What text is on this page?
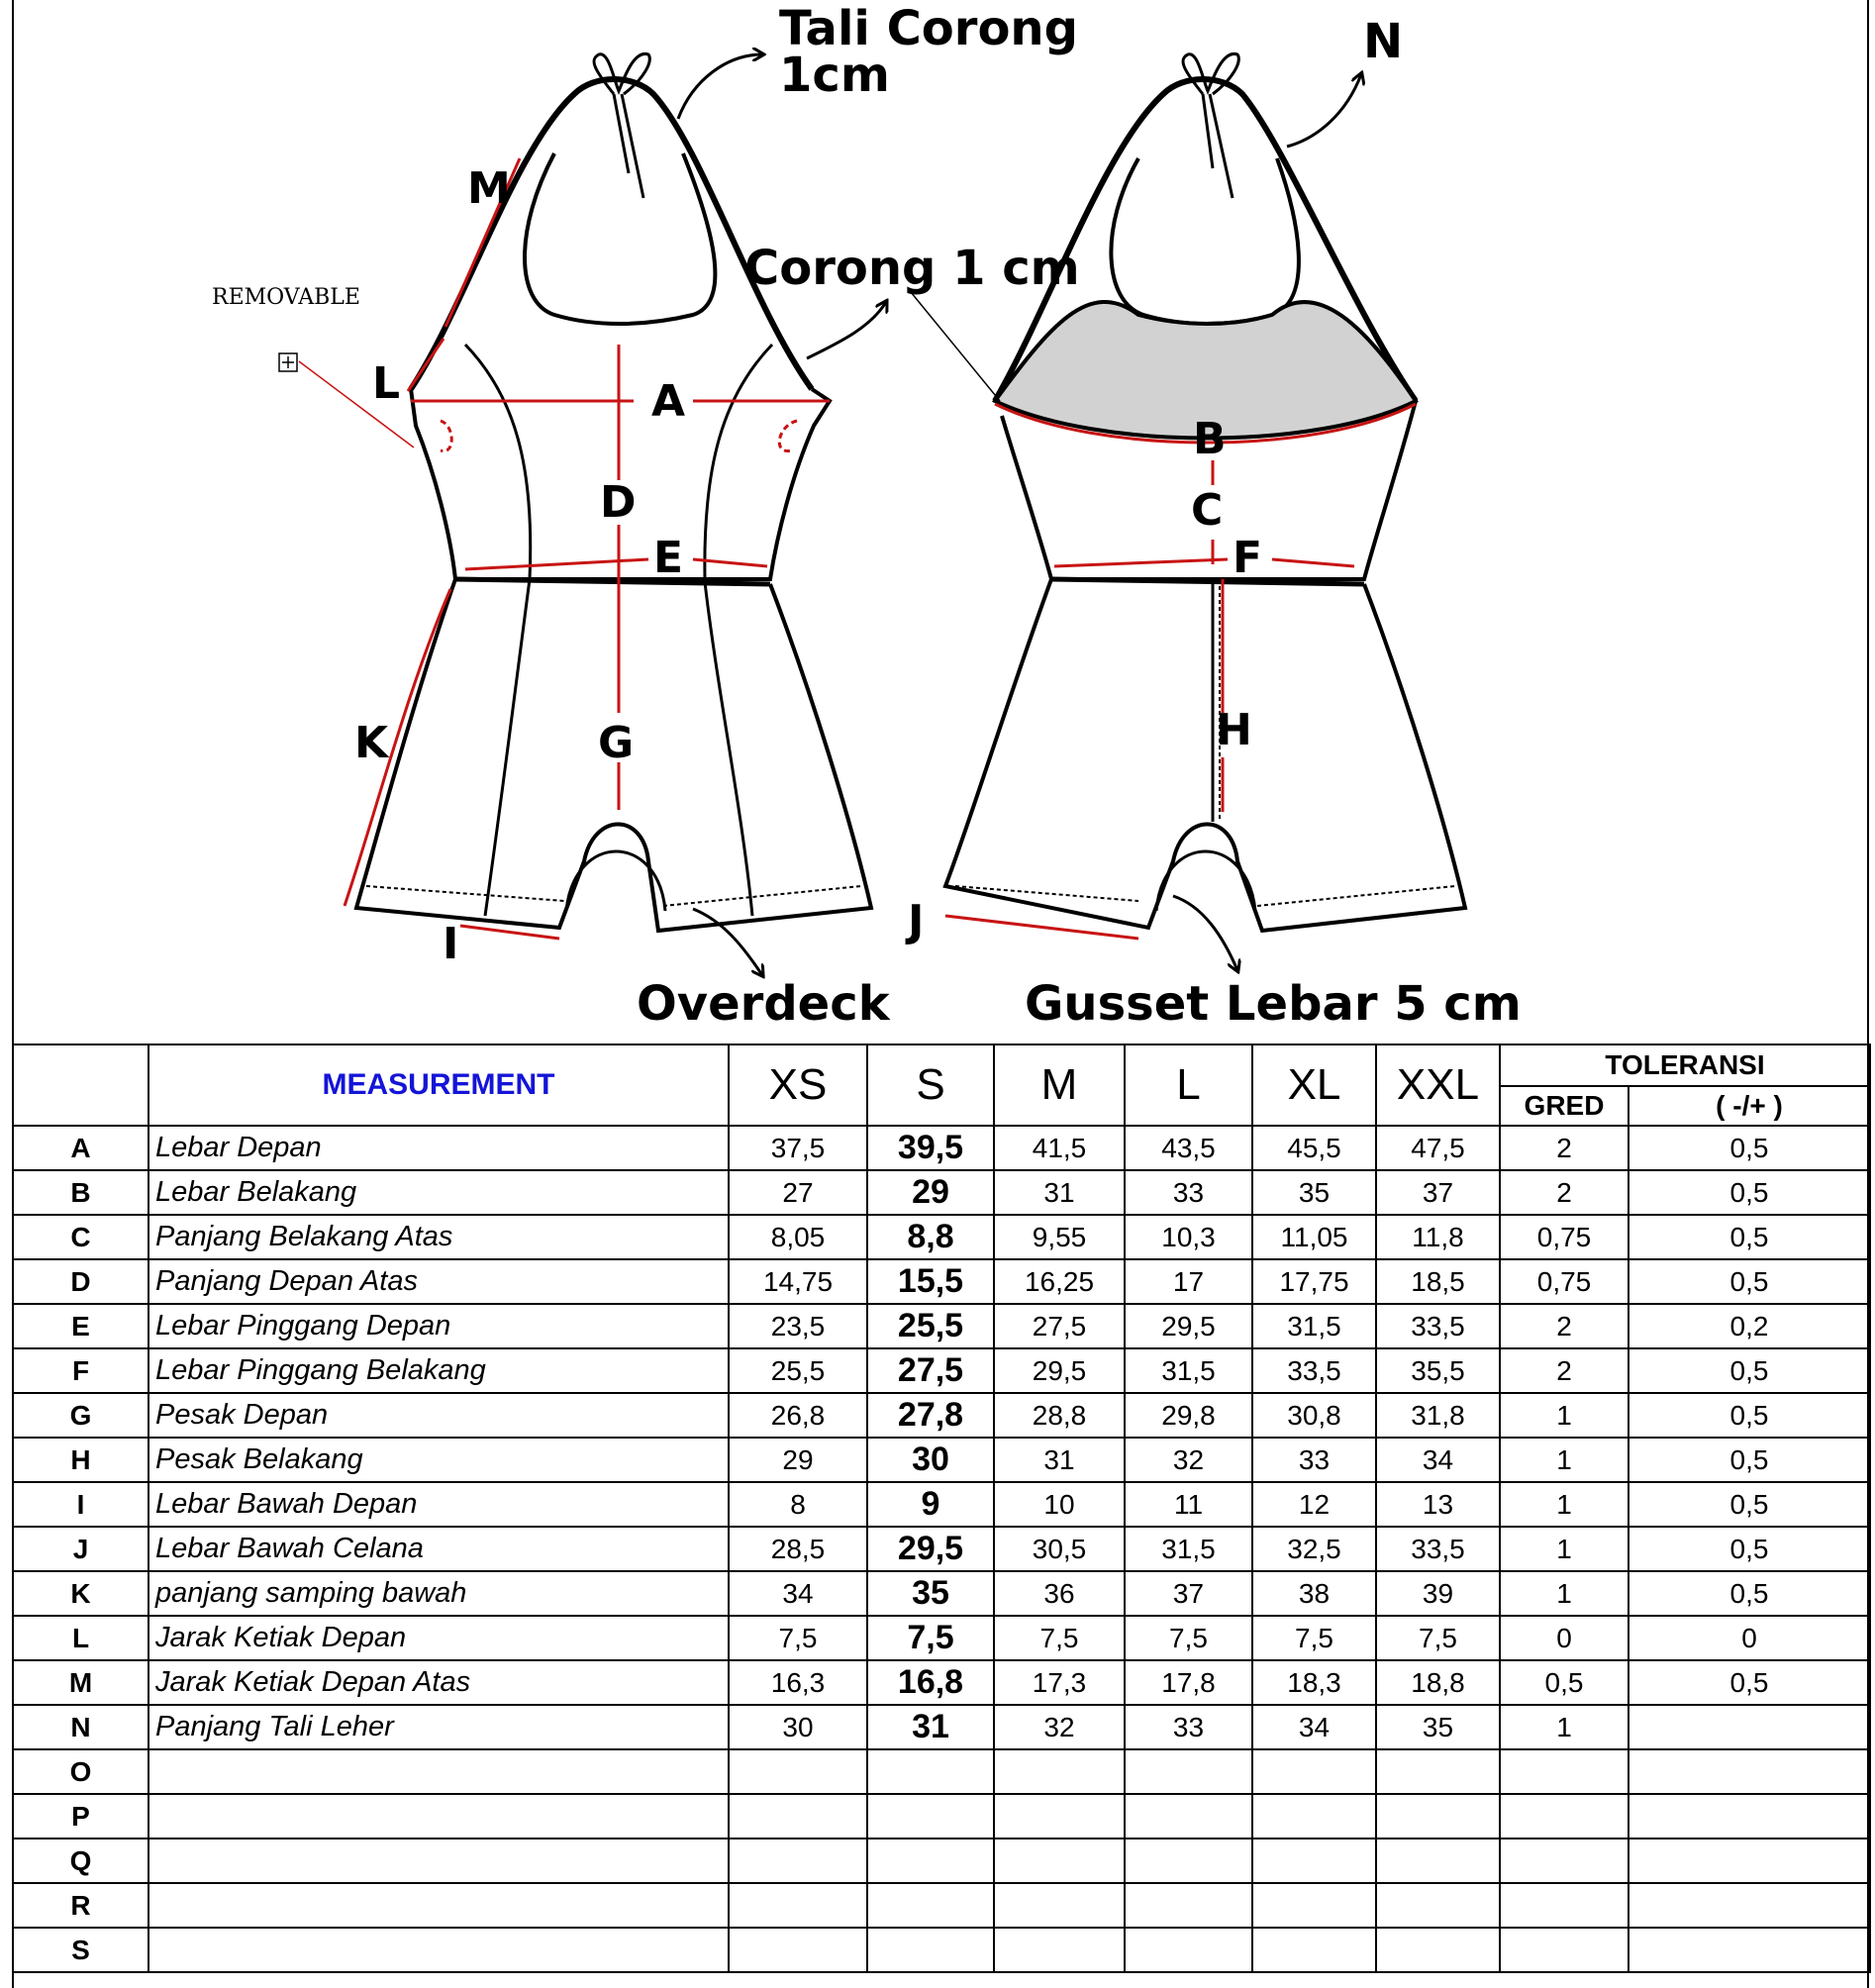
Tali Corong
1cm
Corong 1 cm
Overdeck	Gusset Lebar 5 cm
N
M
L	A
D
E
K	G
I
B
C
F
H
J
REMOVABLE
	MEASUREMENT	XS	S	M	L	XL	XXL	TOLERANSI	
								GRED	( -/+ )
A	Lebar Depan	37,5	39,5	41,5	43,5	45,5	47,5	2	0,5
B	Lebar Belakang	27	29	31	33	35	37	2	0,5
C	Panjang Belakang Atas	8,05	8,8	9,55	10,3	11,05	11,8	0,75	0,5
D	Panjang Depan Atas	14,75	15,5	16,25	17	17,75	18,5	0,75	0,5
E	Lebar Pinggang Depan	23,5	25,5	27,5	29,5	31,5	33,5	2	0,2
F	Lebar Pinggang Belakang	25,5	27,5	29,5	31,5	33,5	35,5	2	0,5
G	Pesak Depan	26,8	27,8	28,8	29,8	30,8	31,8	1	0,5
H	Pesak Belakang	29	30	31	32	33	34	1	0,5
I	Lebar Bawah Depan	8	9	10	11	12	13	1	0,5
J	Lebar Bawah Celana	28,5	29,5	30,5	31,5	32,5	33,5	1	0,5
K	panjang samping bawah	34	35	36	37	38	39	1	0,5
L	Jarak Ketiak Depan	7,5	7,5	7,5	7,5	7,5	7,5	0	0
M	Jarak Ketiak Depan Atas	16,3	16,8	17,3	17,8	18,3	18,8	0,5	0,5
N	Panjang Tali Leher	30	31	32	33	34	35	1	
O									
P									
Q									
R									
S									
